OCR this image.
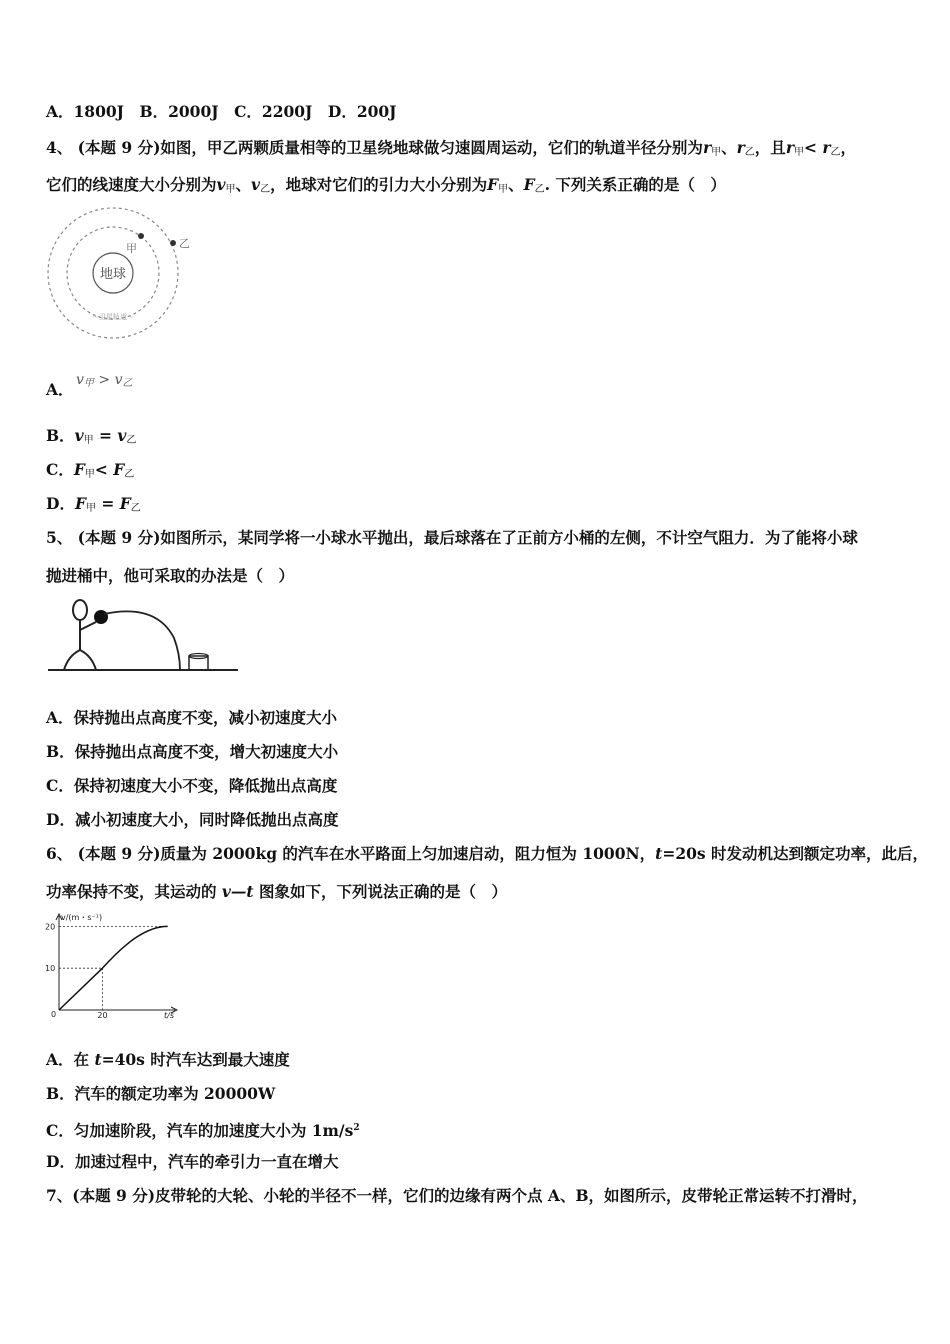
A．1800J　B．2000J　C．2200J　D．200J
4、 (本题 9 分)如图，甲乙两颗质量相等的卫星绕地球做匀速圆周运动，它们的轨道半径分别为$r_甲$、$r_乙$，且$r_甲< r_乙$，
它们的线速度大小分别为$v_甲$、$v_乙$，地球对它们的引力大小分别为$F_甲$、$F_乙$. 下列关系正确的是（　）
地球
甲	乙
～卫星轨道～
A． $v_甲 > v_乙$
B．$v_甲 = v_乙$
C．$F_甲< F_乙$
D．$F_甲 = F_乙$
5、 (本题 9 分)如图所示，某同学将一小球水平抛出，最后球落在了正前方小桶的左侧，不计空气阻力．为了能将小球
抛进桶中，他可采取的办法是（　）
A．保持抛出点高度不变，减小初速度大小
B．保持抛出点高度不变，增大初速度大小
C．保持初速度大小不变，降低抛出点高度
D．减小初速度大小，同时降低抛出点高度
6、 (本题 9 分)质量为 2000kg 的汽车在水平路面上匀加速启动，阻力恒为 1000N，t=20s 时发动机达到额定功率，此后，
功率保持不变，其运动的 v—t 图象如下，下列说法正确的是（　）
v/(m・s⁻¹)
t/s
0	20
10
20
A．在 t=40s 时汽车达到最大速度
B．汽车的额定功率为 20000W
C．匀加速阶段，汽车的加速度大小为 $1m/s^2$
D．加速过程中，汽车的牵引力一直在增大
7、(本题 9 分)皮带轮的大轮、小轮的半径不一样，它们的边缘有两个点 A、B，如图所示，皮带轮正常运转不打滑时，
